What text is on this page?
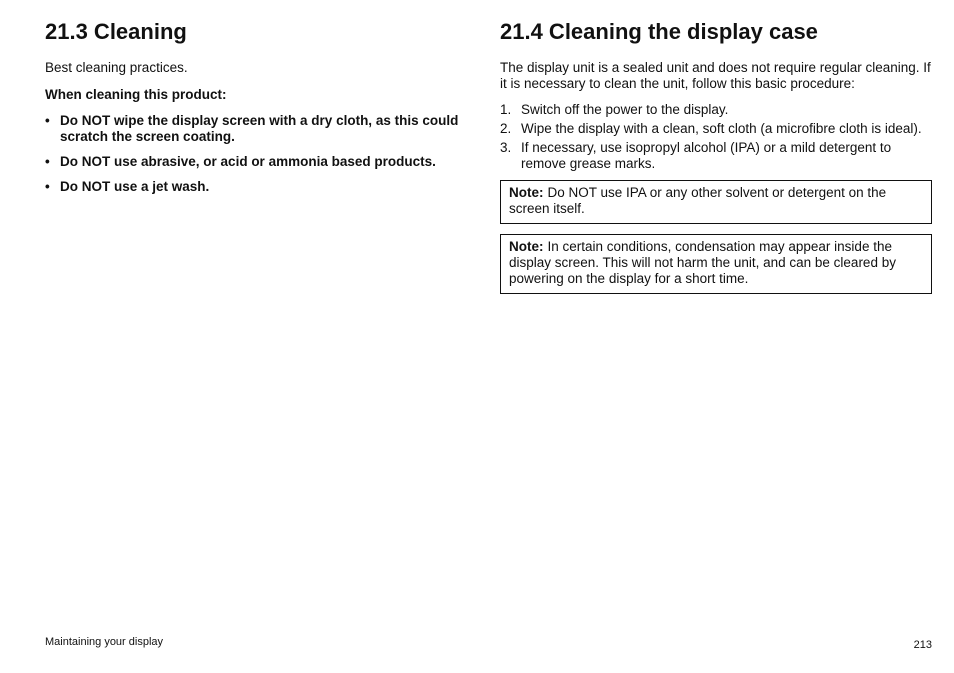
21.3 Cleaning

Best cleaning practices.

When cleaning this product:

• Do NOT wipe the display screen with a dry cloth, as this could scratch the screen coating.
• Do NOT use abrasive, or acid or ammonia based products.
• Do NOT use a jet wash.
21.4 Cleaning the display case

The display unit is a sealed unit and does not require regular cleaning. If it is necessary to clean the unit, follow this basic procedure:

1. Switch off the power to the display.
2. Wipe the display with a clean, soft cloth (a microfibre cloth is ideal).
3. If necessary, use isopropyl alcohol (IPA) or a mild detergent to remove grease marks.
Note: Do NOT use IPA or any other solvent or detergent on the screen itself.
Note: In certain conditions, condensation may appear inside the display screen. This will not harm the unit, and can be cleared by powering on the display for a short time.
Maintaining your display	213
